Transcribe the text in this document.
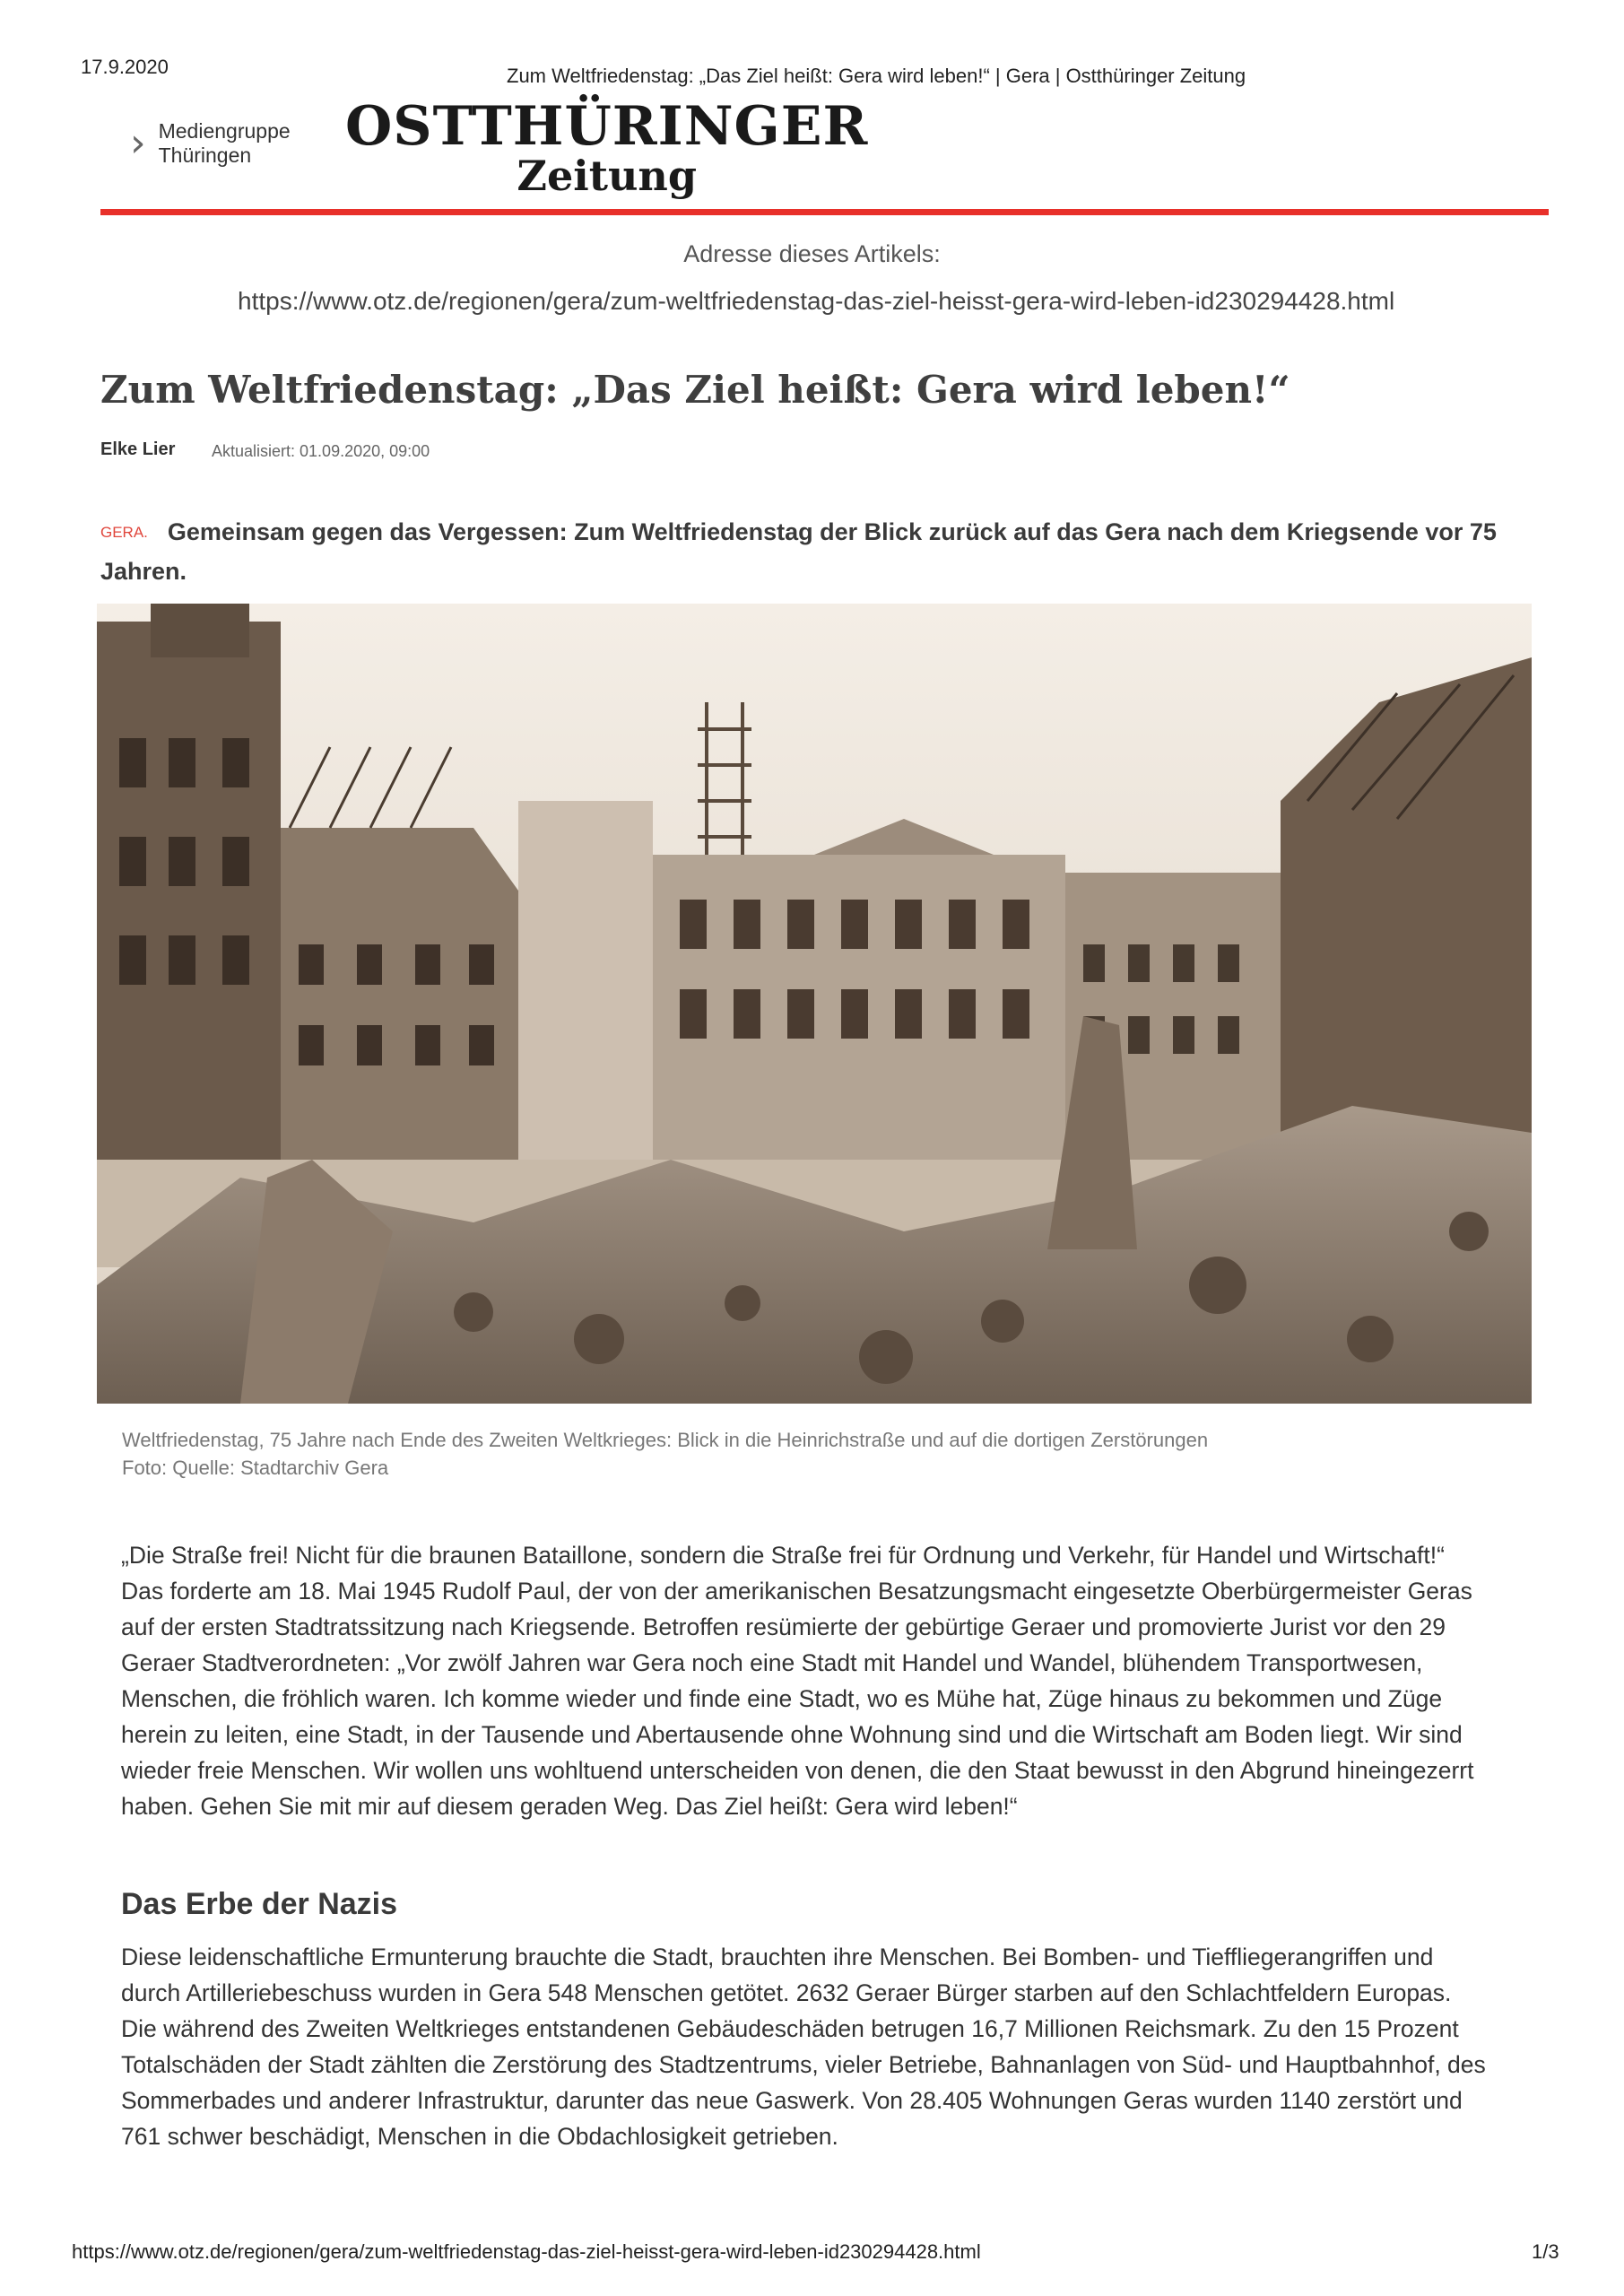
17.9.2020	Zum Weltfriedenstag: „Das Ziel heißt: Gera wird leben!“ | Gera | Ostthüringer Zeitung
› Mediengruppe
Thüringen	OSTTHÜRINGER
Zeitung
Adresse dieses Artikels:
https://www.otz.de/regionen/gera/zum-weltfriedenstag-das-ziel-heisst-gera-wird-leben-id230294428.html
Zum Weltfriedenstag: „Das Ziel heißt: Gera wird leben!“
Elke Lier Aktualisiert: 01.09.2020, 09:00
GERA. Gemeinsam gegen das Vergessen: Zum Weltfriedenstag der Blick zurück auf das Gera nach dem Kriegsende vor 75 Jahren.
Weltfriedenstag, 75 Jahre nach Ende des Zweiten Weltkrieges: Blick in die Heinrichstraße und auf die dortigen Zerstörungen
Foto: Quelle: Stadtarchiv Gera
„Die Straße frei! Nicht für die braunen Bataillone, sondern die Straße frei für Ordnung und Verkehr, für Handel und Wirtschaft!“ Das forderte am 18. Mai 1945 Rudolf Paul, der von der amerikanischen Besatzungsmacht eingesetzte Oberbürgermeister Geras auf der ersten Stadtratssitzung nach Kriegsende. Betroffen resümierte der gebürtige Geraer und promovierte Jurist vor den 29 Geraer Stadtverordneten: „Vor zwölf Jahren war Gera noch eine Stadt mit Handel und Wandel, blühendem Transportwesen, Menschen, die fröhlich waren. Ich komme wieder und finde eine Stadt, wo es Mühe hat, Züge hinaus zu bekommen und Züge herein zu leiten, eine Stadt, in der Tausende und Abertausende ohne Wohnung sind und die Wirtschaft am Boden liegt. Wir sind wieder freie Menschen. Wir wollen uns wohltuend unterscheiden von denen, die den Staat bewusst in den Abgrund hineingezerrt haben. Gehen Sie mit mir auf diesem geraden Weg. Das Ziel heißt: Gera wird leben!“
Das Erbe der Nazis
Diese leidenschaftliche Ermunterung brauchte die Stadt, brauchten ihre Menschen. Bei Bomben- und Tieffliegerangriffen und durch Artilleriebeschuss wurden in Gera 548 Menschen getötet. 2632 Geraer Bürger starben auf den Schlachtfeldern Europas. Die während des Zweiten Weltkrieges entstandenen Gebäudeschäden betrugen 16,7 Millionen Reichsmark. Zu den 15 Prozent Totalschäden der Stadt zählten die Zerstörung des Stadtzentrums, vieler Betriebe, Bahnanlagen von Süd- und Hauptbahnhof, des Sommerbades und anderer Infrastruktur, darunter das neue Gaswerk. Von 28.405 Wohnungen Geras wurden 1140 zerstört und 761 schwer beschädigt, Menschen in die Obdachlosigkeit getrieben.
https://www.otz.de/regionen/gera/zum-weltfriedenstag-das-ziel-heisst-gera-wird-leben-id230294428.html	1/3
